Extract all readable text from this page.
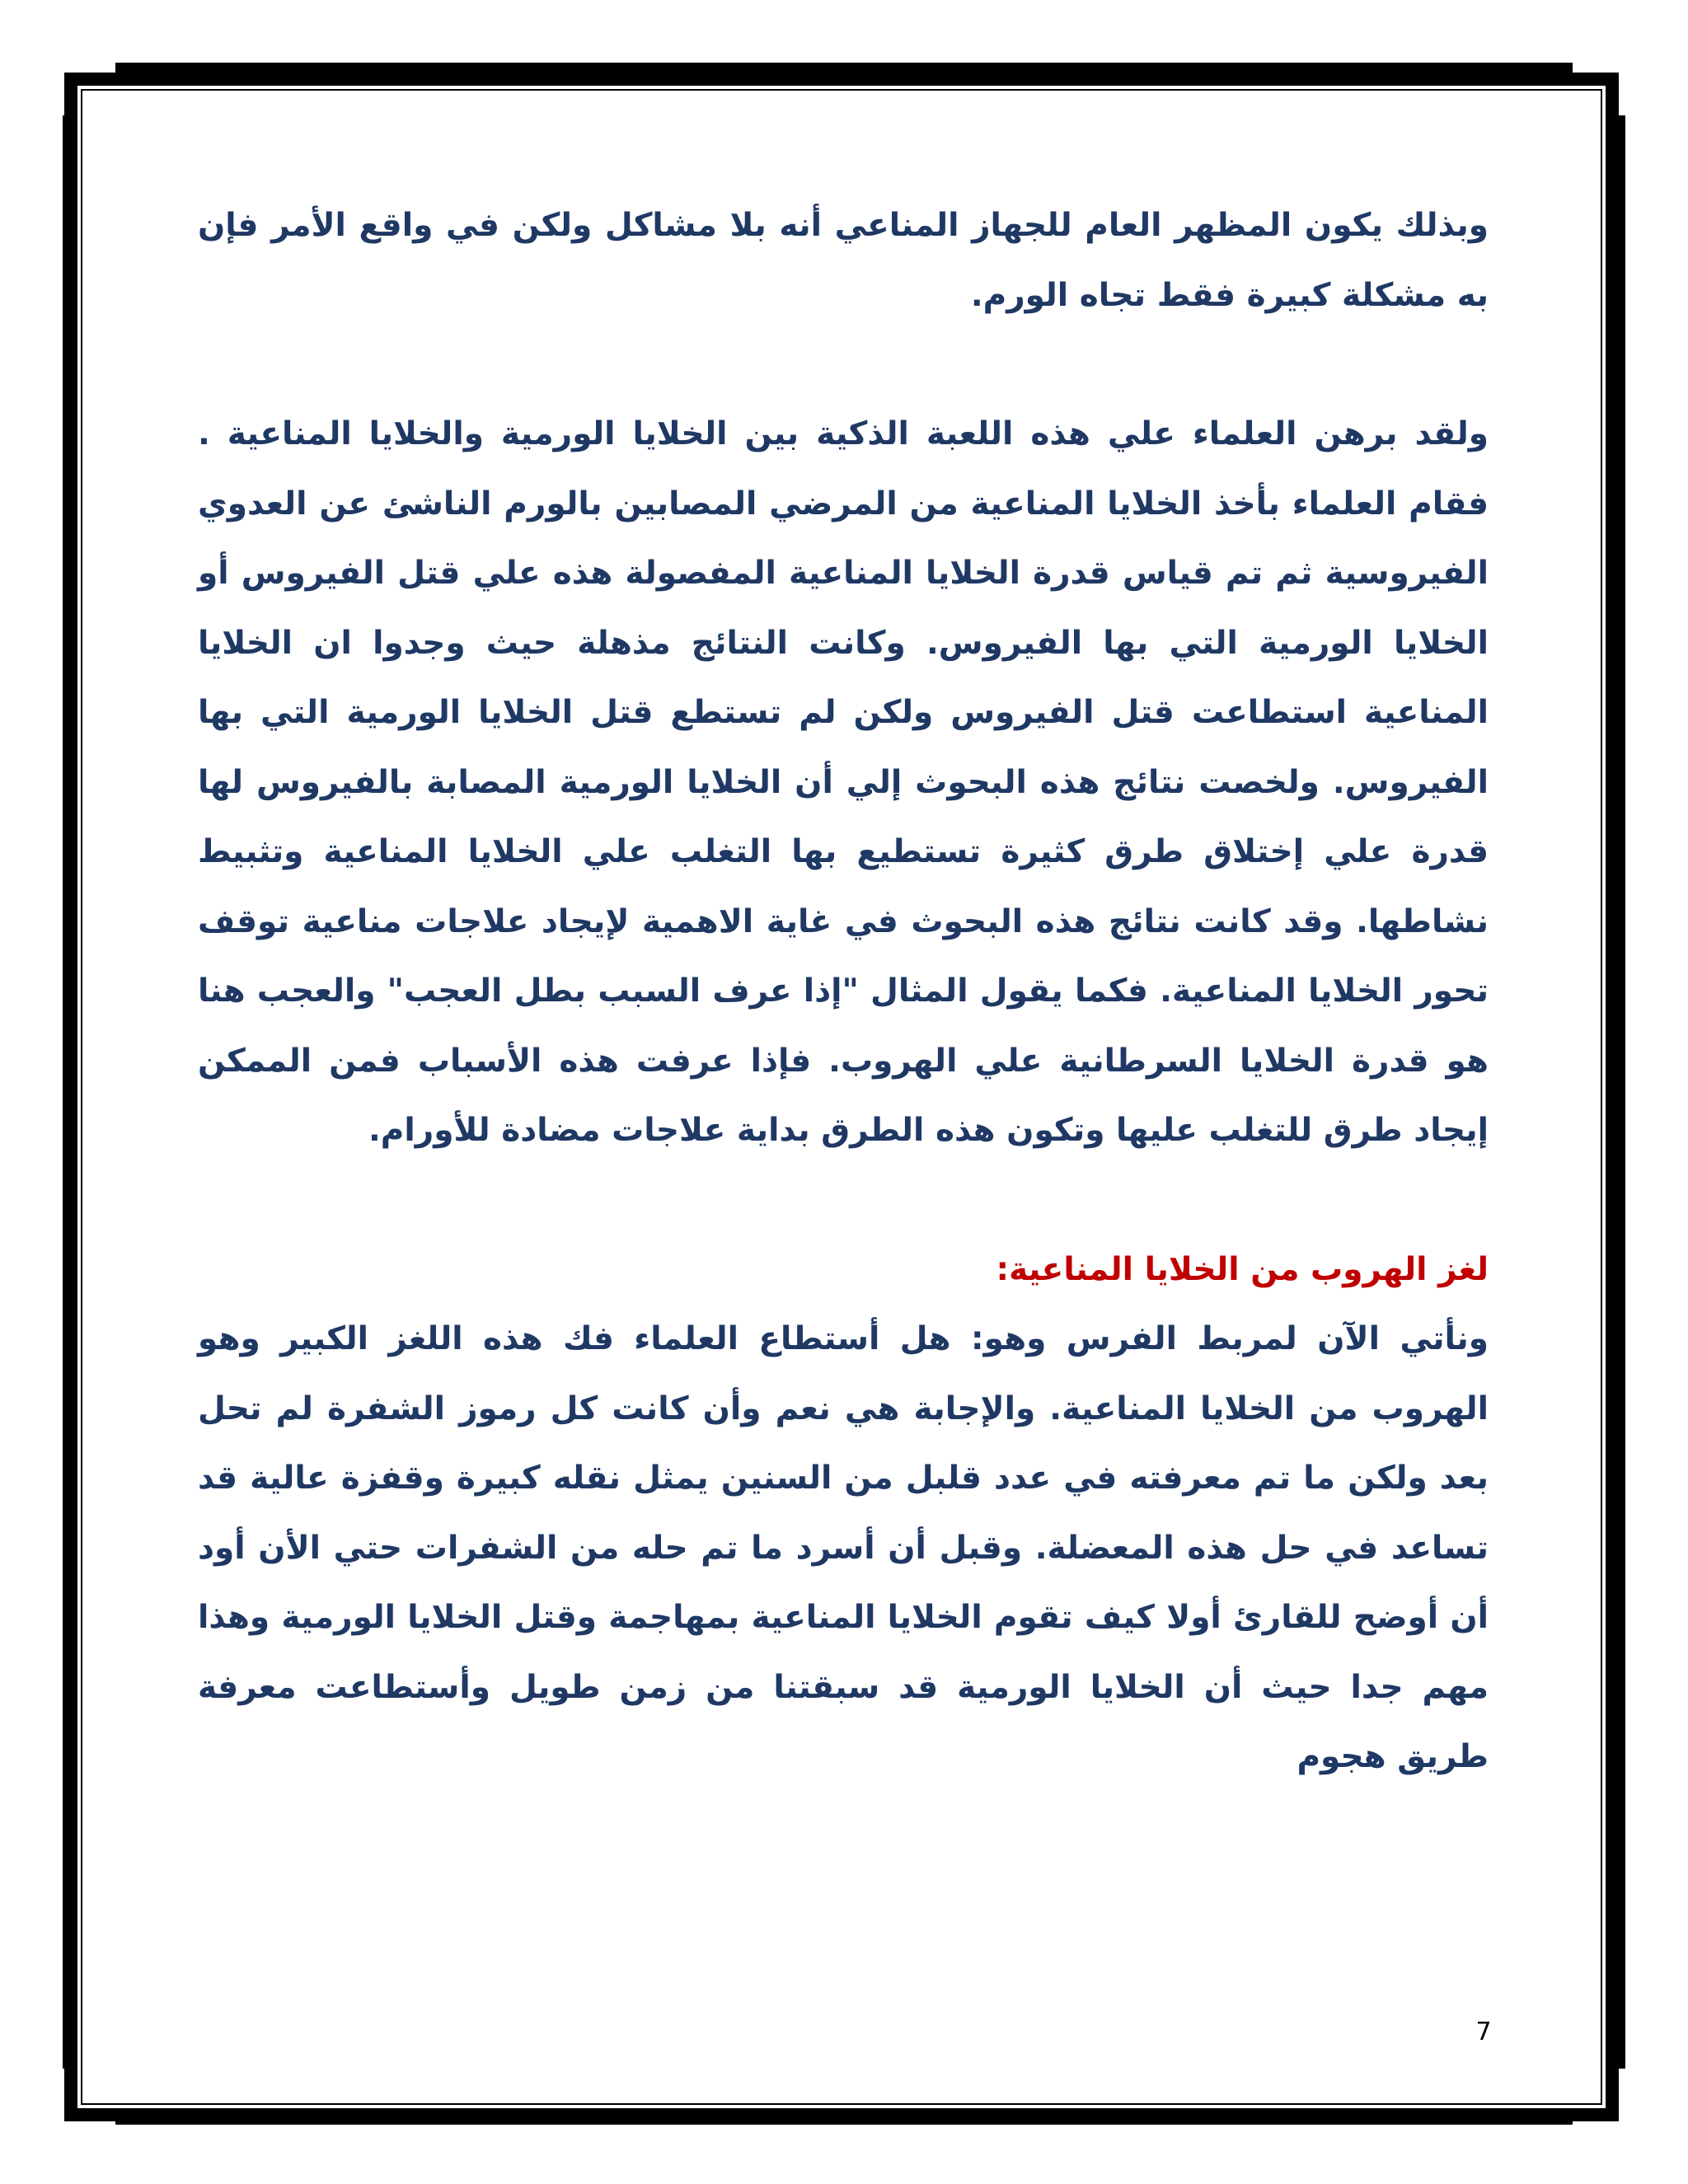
وبذلك يكون المظهر العام للجهاز المناعي أنه بلا مشاكل ولكن في واقع الأمر فإن به مشكلة كبيرة فقط تجاه الورم.

ولقد برهن العلماء علي هذه اللعبة الذكية بين الخلايا الورمية والخلايا المناعية . فقام العلماء بأخذ الخلايا المناعية من المرضي المصابين بالورم الناشئ عن العدوي الفيروسية ثم تم قياس قدرة الخلايا المناعية المفصولة هذه علي قتل الفيروس أو الخلايا الورمية التي بها الفيروس. وكانت النتائج مذهلة حيث وجدوا ان الخلايا المناعية استطاعت قتل الفيروس ولكن لم تستطع قتل الخلايا الورمية التي بها الفيروس. ولخصت نتائج هذه البحوث إلي أن الخلايا الورمية المصابة بالفيروس لها قدرة علي إختلاق طرق كثيرة تستطيع بها التغلب علي الخلايا المناعية وتثبيط نشاطها. وقد كانت نتائج هذه البحوث في غاية الاهمية لإيجاد علاجات مناعية توقف تحور الخلايا المناعية. فكما يقول المثال "إذا عرف السبب بطل العجب" والعجب هنا هو قدرة الخلايا السرطانية علي الهروب. فإذا عرفت هذه الأسباب فمن الممكن إيجاد طرق للتغلب عليها وتكون هذه الطرق بداية علاجات مضادة للأورام.

لغز الهروب من الخلايا المناعية:

ونأتي الآن لمربط الفرس وهو: هل أستطاع العلماء فك هذه اللغز الكبير وهو الهروب من الخلايا المناعية. والإجابة هي نعم وأن كانت كل رموز الشفرة لم تحل بعد ولكن ما تم معرفته في عدد قلبل من السنين يمثل نقله كبيرة وقفزة عالية قد تساعد في حل هذه المعضلة. وقبل أن أسرد ما تم حله من الشفرات حتي الأن أود أن أوضح للقارئ أولا كيف تقوم الخلايا المناعية بمهاجمة وقتل الخلايا الورمية وهذا مهم جدا حيث أن الخلايا الورمية قد سبقتنا من زمن طويل وأستطاعت معرفة طريق هجوم

7
